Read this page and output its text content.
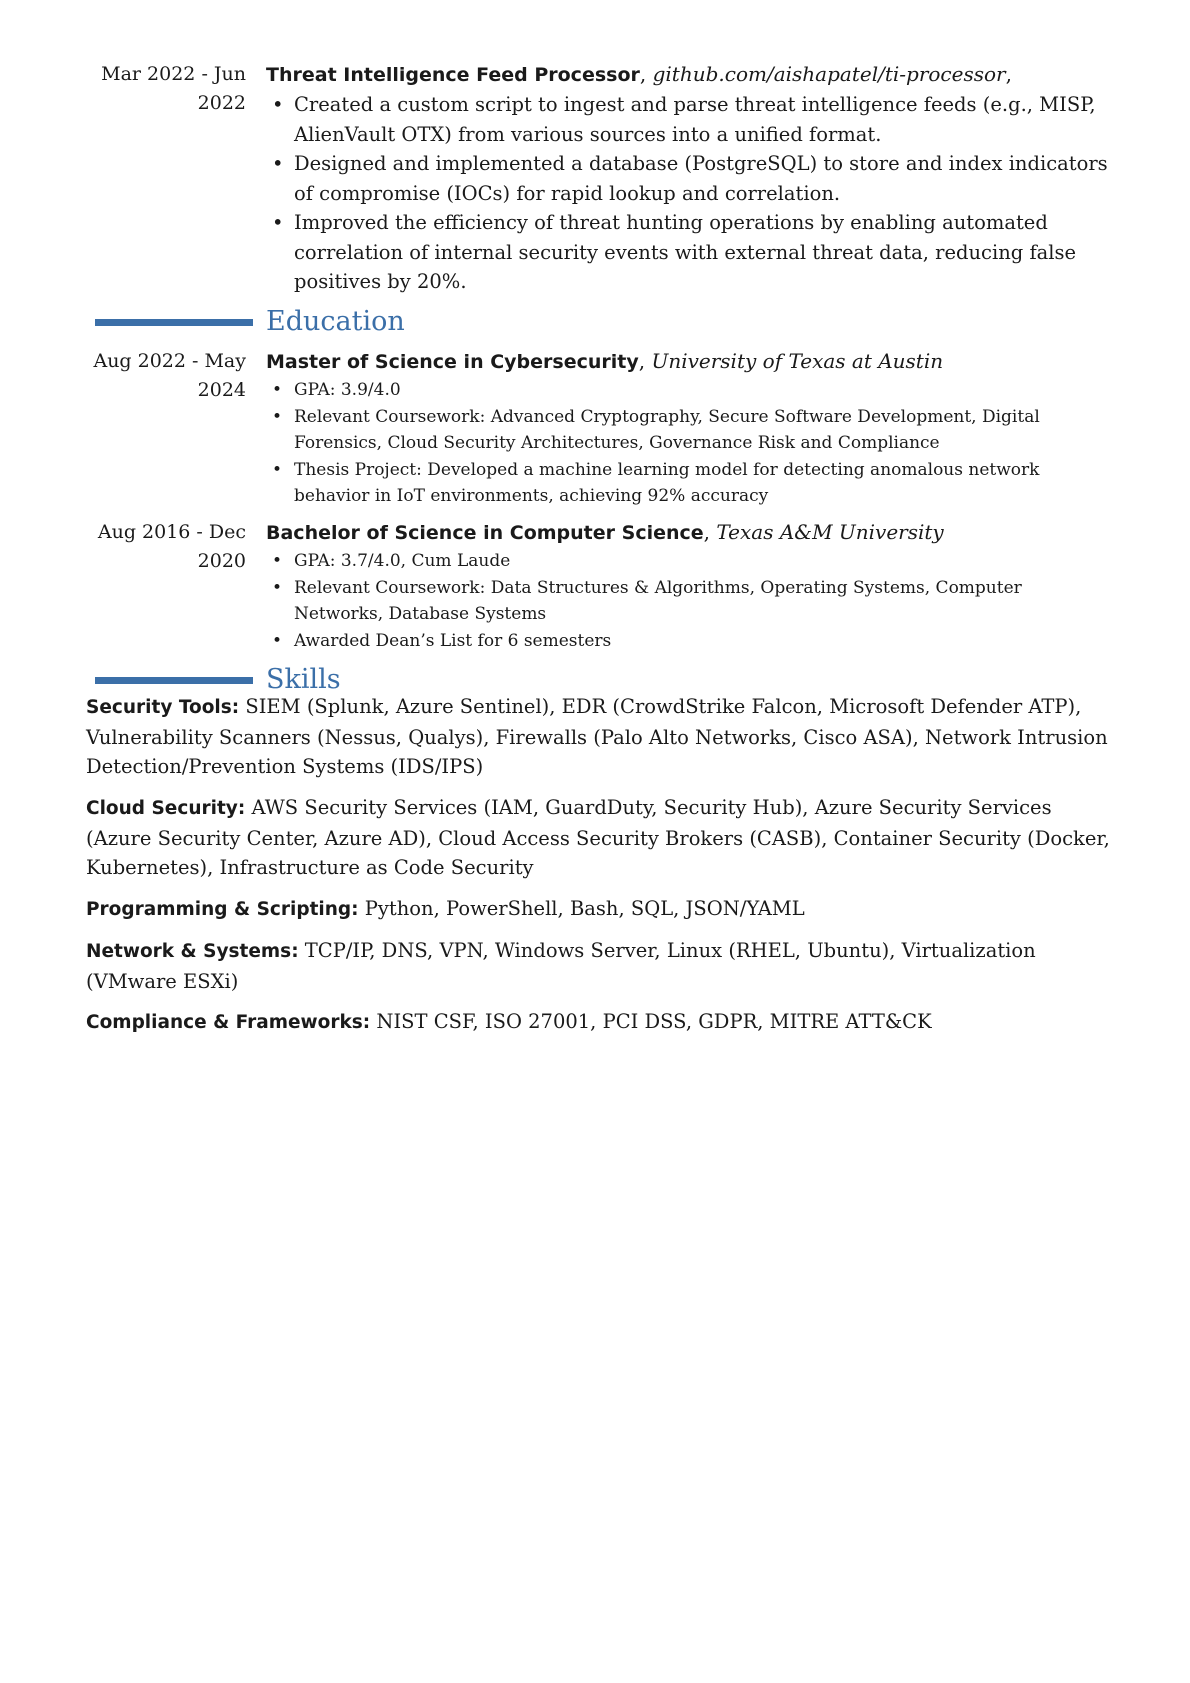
Mar 2022 - Jun 2022
Threat Intelligence Feed Processor, github.com/aishapatel/ti-processor,
• Created a custom script to ingest and parse threat intelligence feeds (e.g., MISP, AlienVault OTX) from various sources into a unified format.
• Designed and implemented a database (PostgreSQL) to store and index indicators of compromise (IOCs) for rapid lookup and correlation.
• Improved the efficiency of threat hunting operations by enabling automated correlation of internal security events with external threat data, reducing false positives by 20%.
Education
Aug 2022 - May 2024
Master of Science in Cybersecurity, University of Texas at Austin
• GPA: 3.9/4.0
• Relevant Coursework: Advanced Cryptography, Secure Software Development, Digital Forensics, Cloud Security Architectures, Governance Risk and Compliance
• Thesis Project: Developed a machine learning model for detecting anomalous network behavior in IoT environments, achieving 92% accuracy
Aug 2016 - Dec 2020
Bachelor of Science in Computer Science, Texas A&M University
• GPA: 3.7/4.0, Cum Laude
• Relevant Coursework: Data Structures & Algorithms, Operating Systems, Computer Networks, Database Systems
• Awarded Dean’s List for 6 semesters
Skills
Security Tools: SIEM (Splunk, Azure Sentinel), EDR (CrowdStrike Falcon, Microsoft Defender ATP), Vulnerability Scanners (Nessus, Qualys), Firewalls (Palo Alto Networks, Cisco ASA), Network Intrusion Detection/Prevention Systems (IDS/IPS)
Cloud Security: AWS Security Services (IAM, GuardDuty, Security Hub), Azure Security Services (Azure Security Center, Azure AD), Cloud Access Security Brokers (CASB), Container Security (Docker, Kubernetes), Infrastructure as Code Security
Programming & Scripting: Python, PowerShell, Bash, SQL, JSON/YAML
Network & Systems: TCP/IP, DNS, VPN, Windows Server, Linux (RHEL, Ubuntu), Virtualization (VMware ESXi)
Compliance & Frameworks: NIST CSF, ISO 27001, PCI DSS, GDPR, MITRE ATT&CK
